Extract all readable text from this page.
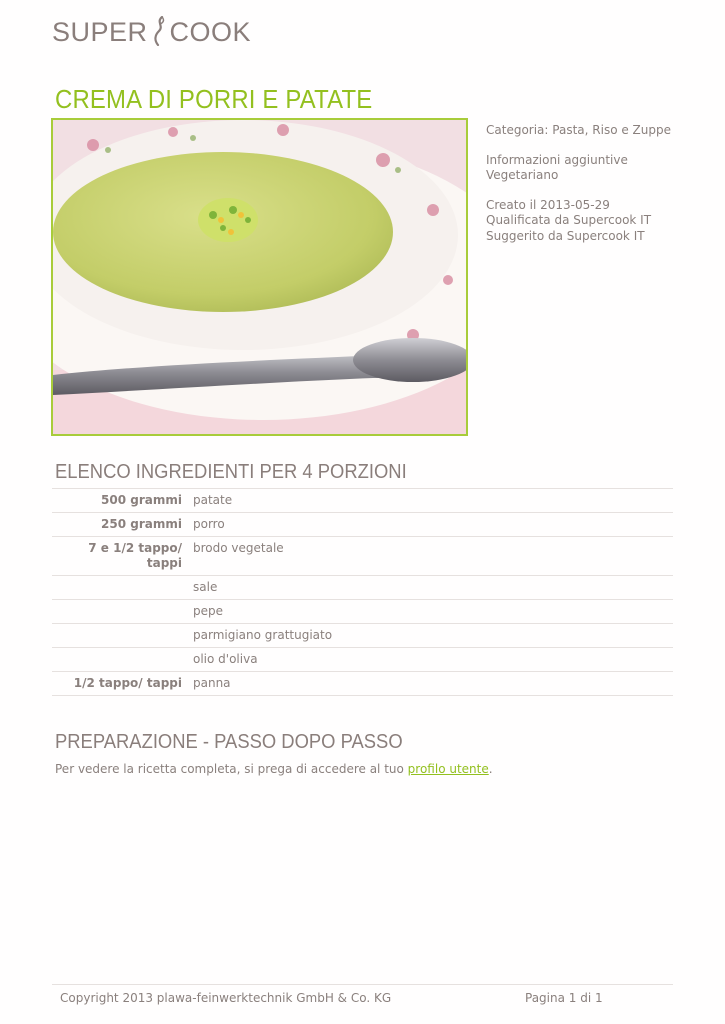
SUPER COOK
CREMA DI PORRI E PATATE

Categoria: Pasta, Riso e Zuppe

Informazioni aggiuntive
Vegetariano

Creato il 2013-05-29
Qualificata da Supercook IT
Suggerito da Supercook IT

ELENCO INGREDIENTI PER 4 PORZIONI
500 grammi	patate
250 grammi	porro
7 e 1/2 tappo/ tappi	brodo vegetale
	sale
	pepe
	parmigiano grattugiato
	olio d'oliva
1/2 tappo/ tappi	panna
PREPARAZIONE - PASSO DOPO PASSO
Per vedere la ricetta completa, si prega di accedere al tuo profilo utente.
Copyright 2013 plawa-feinwerktechnik GmbH & Co. KG	Pagina 1 di 1
